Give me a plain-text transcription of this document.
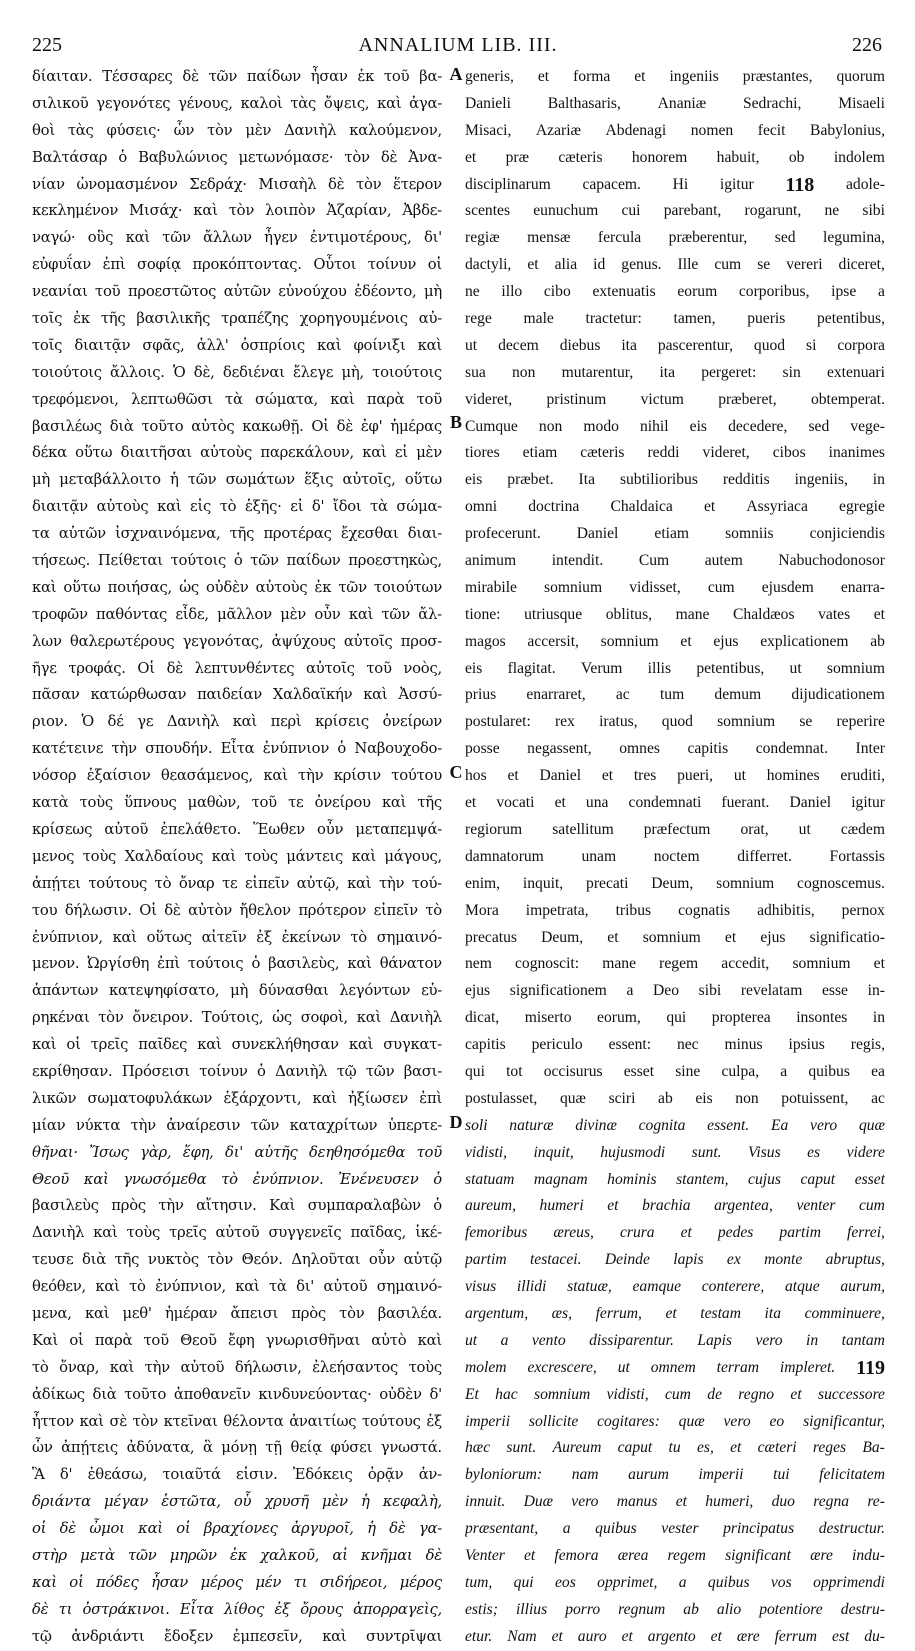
225	ANNALIUM LIB. III.	226
δίαιταν. Τέσσαρες δὲ τῶν παίδων ἦσαν ἐκ τοῦ βα-
σιλικοῦ γεγονότες γένους, καλοὶ τὰς ὄψεις, καὶ ἀγα-
θοὶ τὰς φύσεις· ὧν τὸν μὲν Δανιὴλ καλούμενον,
Βαλτάσαρ ὁ Βαβυλώνιος μετωνόμασε· τὸν δὲ Ἀνα-
νίαν ὠνομασμένον Σεδράχ· Μισαὴλ δὲ τὸν ἕτερον
κεκλημένον Μισάχ· καὶ τὸν λοιπὸν Ἀζαρίαν, Ἀβδε-
ναγώ· οὓς καὶ τῶν ἄλλων ἦγεν ἐντιμοτέρους, δι'
εὐφυΐαν ἐπὶ σοφίᾳ προκόπτοντας. Οὗτοι τοίνυν οἱ
νεανίαι τοῦ προεστῶτος αὐτῶν εὐνούχου ἐδέοντο, μὴ
τοῖς ἐκ τῆς βασιλικῆς τραπέζης χορηγουμένοις αὐ-
τοῖς διαιτᾷν σφᾶς, ἀλλ' ὀσπρίοις καὶ φοίνιξι καὶ
τοιούτοις ἄλλοις. Ὁ δὲ, δεδιέναι ἔλεγε μὴ, τοιούτοις
τρεφόμενοι, λεπτωθῶσι τὰ σώματα, καὶ παρὰ τοῦ
βασιλέως διὰ τοῦτο αὐτὸς κακωθῇ. Οἱ δὲ ἐφ' ἡμέρας
δέκα οὕτω διαιτῆσαι αὐτοὺς παρεκάλουν, καὶ εἰ μὲν
μὴ μεταβάλλοιτο ἡ τῶν σωμάτων ἕξις αὐτοῖς, οὕτω
διαιτᾷν αὐτοὺς καὶ εἰς τὸ ἑξῆς· εἰ δ' ἴδοι τὰ σώμα-
τα αὐτῶν ἰσχναινόμενα, τῆς προτέρας ἔχεσθαι διαι-
τήσεως. Πείθεται τούτοις ὁ τῶν παίδων προεστηκὼς,
καὶ οὕτω ποιήσας, ὡς οὐδὲν αὐτοὺς ἐκ τῶν τοιούτων
τροφῶν παθόντας εἶδε, μᾶλλον μὲν οὖν καὶ τῶν ἄλ-
λων θαλερωτέρους γεγονότας, ἀψύχους αὐτοῖς προσ-
ῆγε τροφάς. Οἱ δὲ λεπτυνθέντες αὐτοῖς τοῦ νοὸς,
πᾶσαν κατώρθωσαν παιδείαν Χαλδαϊκήν καὶ Ἀσσύ-
ριον. Ὁ δέ γε Δανιὴλ καὶ περὶ κρίσεις ὀνείρων
κατέτεινε τὴν σπουδήν. Εἶτα ἐνύπνιον ὁ Ναβουχοδο-
νόσορ ἐξαίσιον θεασάμενος, καὶ τὴν κρίσιν τούτου
κατὰ τοὺς ὕπνους μαθὼν, τοῦ τε ὀνείρου καὶ τῆς
κρίσεως αὐτοῦ ἐπελάθετο. Ἕωθεν οὖν μεταπεμψά-
μενος τοὺς Χαλδαίους καὶ τοὺς μάντεις καὶ μάγους,
ἀπῄτει τούτους τὸ ὄναρ τε εἰπεῖν αὐτῷ, καὶ τὴν τού-
του δήλωσιν. Οἱ δὲ αὐτὸν ἤθελον πρότερον εἰπεῖν τὸ
ἐνύπνιον, καὶ οὕτως αἰτεῖν ἐξ ἐκείνων τὸ σημαινό-
μενον. Ὠργίσθη ἐπὶ τούτοις ὁ βασιλεὺς, καὶ θάνατον
ἁπάντων κατεψηφίσατο, μὴ δύνασθαι λεγόντων εὑ-
ρηκέναι τὸν ὄνειρον. Τούτοις, ὡς σοφοὶ, καὶ Δανιὴλ
καὶ οἱ τρεῖς παῖδες καὶ συνεκλήθησαν καὶ συγκατ-
εκρίθησαν. Πρόσεισι τοίνυν ὁ Δανιὴλ τῷ τῶν βασι-
λικῶν σωματοφυλάκων ἐξάρχοντι, καὶ ἠξίωσεν ἐπὶ
μίαν νύκτα τὴν ἀναίρεσιν τῶν καταχρίτων ὑπερτε-
θῆναι· Ἴσως γὰρ, ἔφη, δι' αὐτῆς δεηθησόμεθα τοῦ
Θεοῦ καὶ γνωσόμεθα τὸ ἐνύπνιον. Ἐνένευσεν ὁ
βασιλεὺς πρὸς τὴν αἴτησιν. Καὶ συμπαραλαβὼν ὁ
Δανιὴλ καὶ τοὺς τρεῖς αὐτοῦ συγγενεῖς παῖδας, ἱκέ-
τευσε διὰ τῆς νυκτὸς τὸν Θεόν. Δηλοῦται οὖν αὐτῷ
θεόθεν, καὶ τὸ ἐνύπνιον, καὶ τὰ δι' αὐτοῦ σημαινό-
μενα, καὶ μεθ' ἡμέραν ἄπεισι πρὸς τὸν βασιλέα.
Καὶ οἱ παρὰ τοῦ Θεοῦ ἔφη γνωρισθῆναι αὐτὸ καὶ
τὸ ὄναρ, καὶ τὴν αὐτοῦ δήλωσιν, ἐλεήσαντος τοὺς
ἀδίκως διὰ τοῦτο ἀποθανεῖν κινδυνεύοντας· οὐδὲν δ'
ἧττον καὶ σὲ τὸν κτεῖναι θέλοντα ἀναιτίως τούτους ἐξ
ὧν ἀπῄτεις ἀδύνατα, ἃ μόνῃ τῇ θείᾳ φύσει γνωστά.
Ἃ δ' ἐθεάσω, τοιαῦτά εἰσιν. Ἐδόκεις ὁρᾷν ἀν-
δριάντα μέγαν ἑστῶτα, οὗ χρυσῆ μὲν ἡ κεφαλὴ,
οἱ δὲ ὦμοι καὶ οἱ βραχίονες ἀργυροῖ, ἡ δὲ γα-
στὴρ μετὰ τῶν μηρῶν ἐκ χαλκοῦ, αἱ κνῆμαι δὲ
καὶ οἱ πόδες ἦσαν μέρος μέν τι σιδήρεοι, μέρος
δὲ τι ὀστράκινοι. Εἶτα λίθος ἐξ ὄρους ἀπορραγεὶς,
τῷ ἀνδριάντι ἔδοξεν ἐμπεσεῖν, καὶ συντρῖψαι
generis, et forma et ingeniis præstantes, quorum
Danieli Balthasaris, Ananiæ Sedrachi, Misaeli
Misaci, Azariæ Abdenagi nomen fecit Babylonius,
et præ cæteris honorem habuit, ob indolem
disciplinarum capacem. Hi igitur 118 adole-
scentes eunuchum cui parebant, rogarunt, ne sibi
regiæ mensæ fercula præberentur, sed legumina,
dactyli, et alia id genus. Ille cum se vereri diceret,
ne illo cibo extenuatis eorum corporibus, ipse a
rege male tractetur: tamen, pueris petentibus,
ut decem diebus ita pascerentur, quod si corpora
sua non mutarentur, ita pergeret: sin extenuari
videret, pristinum victum præberet, obtemperat.
Cumque non modo nihil eis decedere, sed vege-
tiores etiam cæteris reddi videret, cibos inanimes
eis præbet. Ita subtilioribus redditis ingeniis, in
omni doctrina Chaldaica et Assyriaca egregie
profecerunt. Daniel etiam somniis conjiciendis
animum intendit. Cum autem Nabuchodonosor
mirabile somnium vidisset, cum ejusdem enarra-
tione: utriusque oblitus, mane Chaldæos vates et
magos accersit, somnium et ejus explicationem ab
eis flagitat. Verum illis petentibus, ut somnium
prius enarraret, ac tum demum dijudicationem
postularet: rex iratus, quod somnium se reperire
posse negassent, omnes capitis condemnat. Inter
hos et Daniel et tres pueri, ut homines eruditi,
et vocati et una condemnati fuerant. Daniel igitur
regiorum satellitum præfectum orat, ut cædem
damnatorum unam noctem differret. Fortassis
enim, inquit, precati Deum, somnium cognoscemus.
Mora impetrata, tribus cognatis adhibitis, pernox
precatus Deum, et somnium et ejus significatio-
nem cognoscit: mane regem accedit, somnium et
ejus significationem a Deo sibi revelatam esse in-
dicat, miserto eorum, qui propterea insontes in
capitis periculo essent: nec minus ipsius regis,
qui tot occisurus esset sine culpa, a quibus ea
postulasset, quæ sciri ab eis non potuissent, ac
soli naturæ divinæ cognita essent. Ea vero quæ
vidisti, inquit, hujusmodi sunt. Visus es videre
statuam magnam hominis stantem, cujus caput esset
aureum, humeri et brachia argentea, venter cum
femoribus æreus, crura et pedes partim ferrei,
partim testacei. Deinde lapis ex monte abruptus,
visus illidi statuæ, eamque conterere, atque aurum,
argentum, æs, ferrum, et testam ita comminuere,
ut a vento dissiparentur. Lapis vero in tantam
molem excrescere, ut omnem terram impleret. 119
Et hac somnium vidisti, cum de regno et successore
imperii sollicite cogitares: quæ vero eo significantur,
hæc sunt. Aureum caput tu es, et cæteri reges Ba-
byloniorum: nam aurum imperii tui felicitatem
innuit. Duæ vero manus et humeri, duo regna re-
præsentant, a quibus vester principatus destructur.
Venter et femora ærea regem significant ære indu-
tum, qui eos opprimet, a quibus vos opprimendi
estis; illius porro regnum ab alio potentiore destru-
etur. Nam et auro et argento et ære ferrum est du-
A
B
C
D
